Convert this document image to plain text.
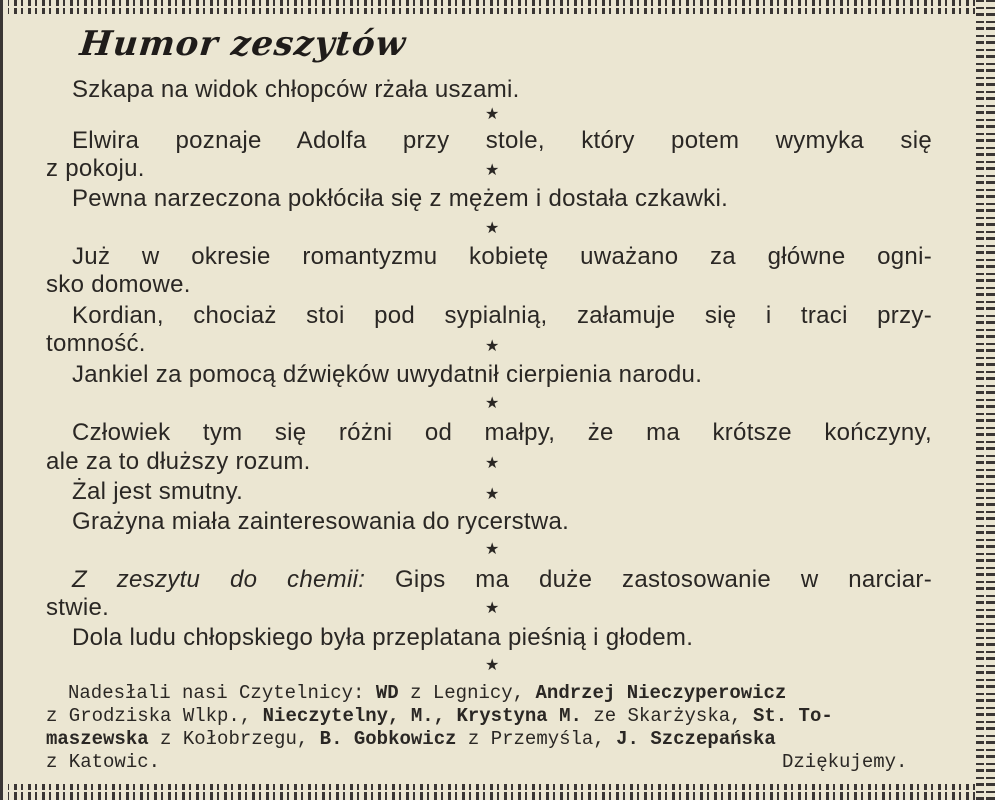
Humor zeszytów
Szkapa na widok chłopców rżała uszami.
★
Elwira poznaje Adolfa przy stole, który potem wymyka się
z pokoju.	★
Pewna narzeczona pokłóciła się z mężem i dostała czkawki.
★
Już w okresie romantyzmu kobietę uważano za główne ogni-
sko domowe.
Kordian, chociaż stoi pod sypialnią, załamuje się i traci przy-
tomność.	★
Jankiel za pomocą dźwięków uwydatnił cierpienia narodu.
★
Człowiek tym się różni od małpy, że ma krótsze kończyny,
ale za to dłuższy rozum.	★
Żal jest smutny.	★
Grażyna miała zainteresowania do rycerstwa.
★
Z zeszytu do chemii: Gips ma duże zastosowanie w narciar-
stwie.	★
Dola ludu chłopskiego była przeplatana pieśnią i głodem.
★
Nadesłali nasi Czytelnicy: WD z Legnicy, Andrzej Nieczyperowicz
z Grodziska Wlkp., Nieczytelny, M., Krystyna M. ze Skarżyska, St. To-
maszewska z Kołobrzegu, B. Gobkowicz z Przemyśla, J. Szczepańska
z Katowic.	Dziękujemy.
